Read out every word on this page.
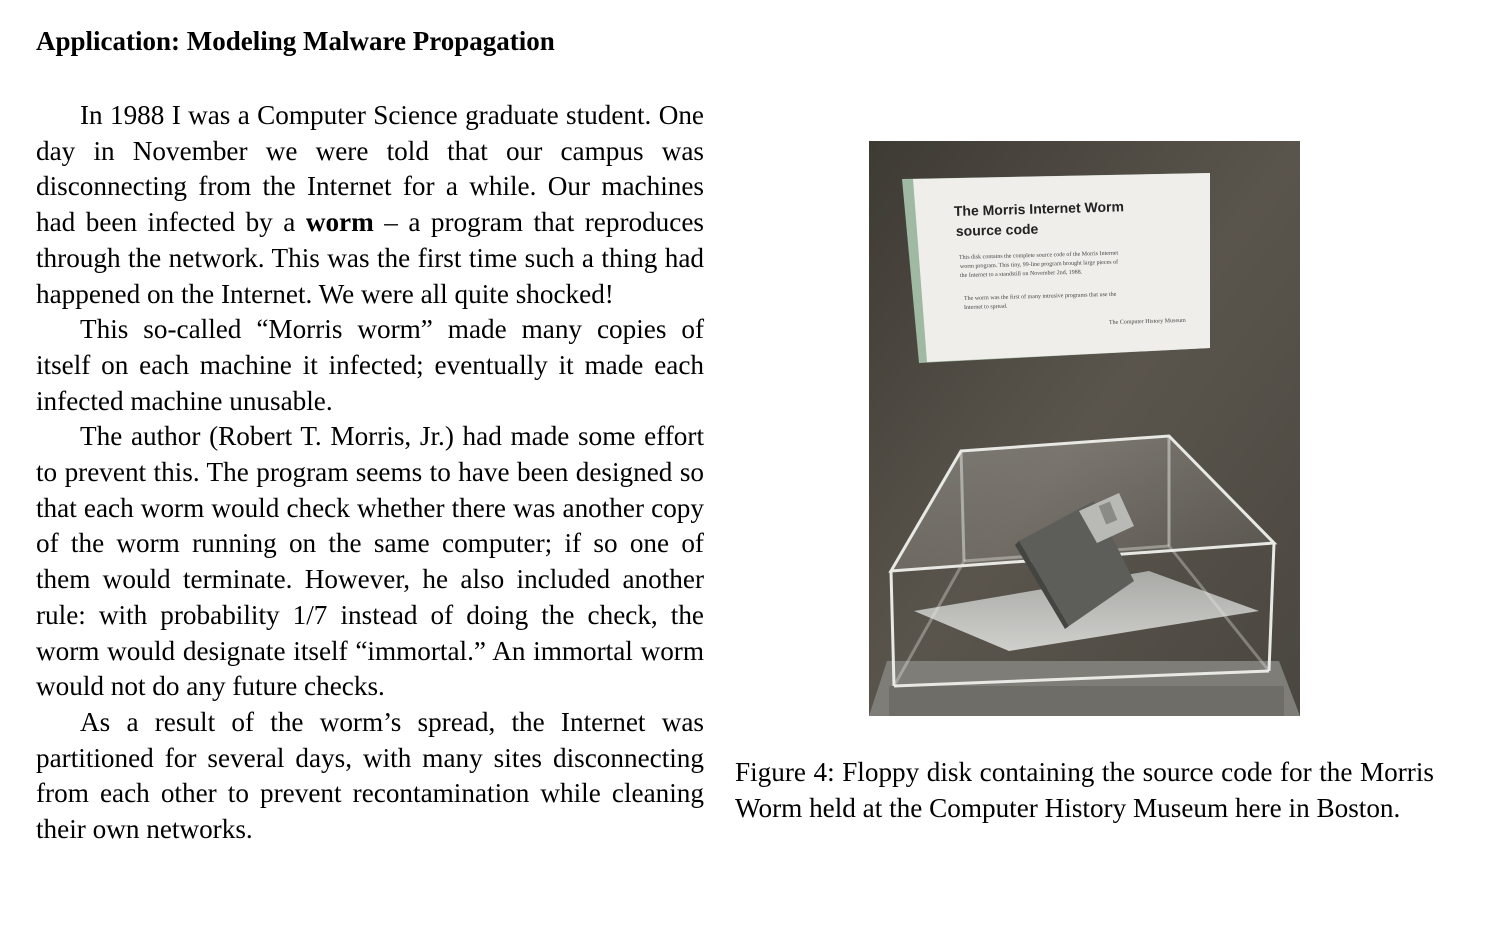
Application: Modeling Malware Propagation

In 1988 I was a Computer Science graduate student. One day in November we were told that our campus was disconnecting from the Internet for a while. Our machines had been infected by a worm – a program that reproduces through the network. This was the first time such a thing had happened on the Internet. We were all quite shocked!

This so-called “Morris worm” made many copies of itself on each machine it infected; eventually it made each infected machine unusable.

The author (Robert T. Morris, Jr.) had made some effort to prevent this. The program seems to have been designed so that each worm would check whether there was another copy of the worm running on the same computer; if so one of them would terminate. However, he also included another rule: with probability 1/7 instead of doing the check, the worm would designate itself “immortal.” An immortal worm would not do any future checks.

As a result of the worm’s spread, the Internet was partitioned for several days, with many sites disconnecting from each other to prevent recontamination while cleaning their own networks.

The Morris Internet Worm
source code
This disk contains the complete source code of the Morris Internet
worm program. This tiny, 99-line program brought large pieces of
the Internet to a standstill on November 2nd, 1988.
The worm was the first of many intrusive programs that use the
Internet to spread.
The Computer History Museum
Figure 4: Floppy disk containing the source code for the Morris Worm held at the Computer History Museum here in Boston.
